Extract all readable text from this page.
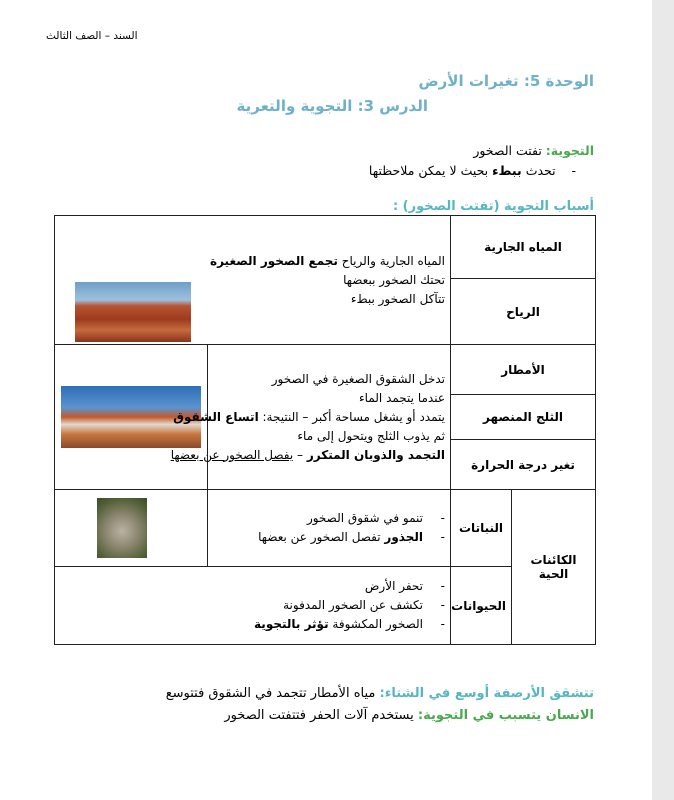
السند – الصف الثالث
الوحدة 5: تغيرات الأرض
الدرس 3: التجوية والتعرية
التجوية: تفتت الصخور
-    تحدث ببطء بحيث لا يمكن ملاحظتها
أسباب التجوية (تفتت الصخور) :
المياه الجارية		المياه الجارية والرياح تجمع الصخور الصغيرة
تحتك الصخور ببعضها
تتآكل الصخور ببطء	

الرياح			
الأمطار		تدخل الشقوق الصغيرة في الصخور
عندما يتجمد الماء
يتمدد أو يشغل مساحة أكبر – النتيجة: اتساع الشقوق
ثم يذوب الثلج ويتحول إلى ماء
التجمد والذوبان المتكرر – يفصل الصخور عن بعضها	

الثلج المنصهر			
تغير درجة الحرارة			
الكائنات الحية	النباتات	-تنمو في شقوق الصخور
-الجذور تفصل الصخور عن بعضها	

	الحيوانات	-تحفر الأرض
-تكشف عن الصخور المدفونة
-الصخور المكشوفة تؤثر بالتجوية	
تتشقق الأرصفة أوسع في الشتاء: مياه الأمطار تتجمد في الشقوق فتتوسع
الانسان يتسبب في التجوية: يستخدم آلات الحفر فتتفتت الصخور
